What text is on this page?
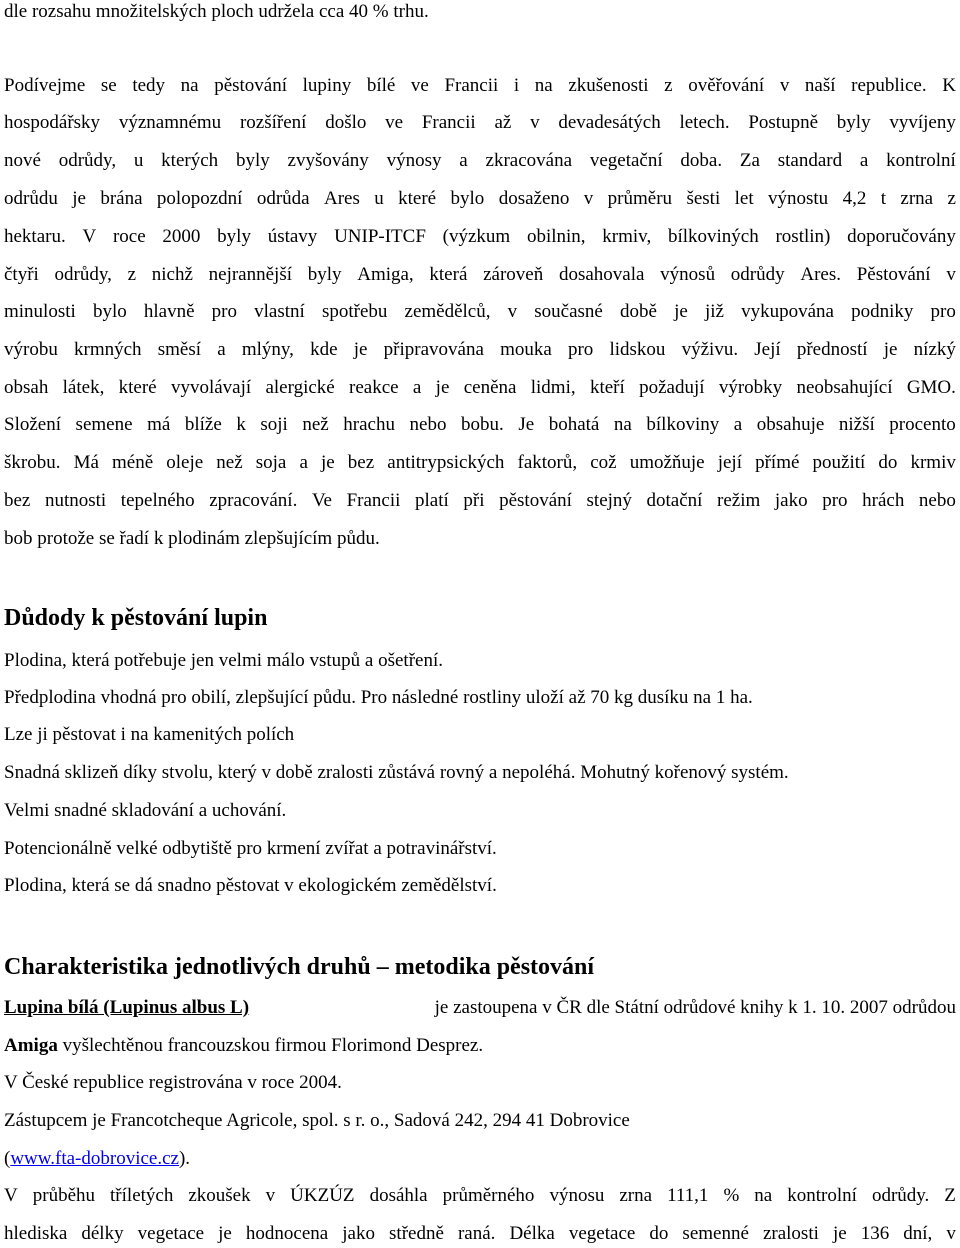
dle rozsahu množitelských ploch udržela cca 40 % trhu.
Podívejme se tedy na pěstování lupiny bílé ve Francii i na zkušenosti z ověřování v naší republice. K
hospodářsky významnému rozšíření došlo ve Francii až v devadesátých letech. Postupně byly vyvíjeny
nové odrůdy, u kterých byly zvyšovány výnosy a zkracována vegetační doba. Za standard a kontrolní
odrůdu je brána polopozdní odrůda Ares u které bylo dosaženo v průměru šesti let výnostu 4,2 t zrna z
hektaru. V roce 2000 byly ústavy UNIP-ITCF (výzkum obilnin, krmiv, bílkoviných rostlin) doporučovány
čtyři odrůdy, z nichž nejrannější byly Amiga, která zároveň dosahovala výnosů odrůdy Ares. Pěstování v
minulosti bylo hlavně pro vlastní spotřebu zemědělců, v současné době je již vykupována podniky pro
výrobu krmných směsí a mlýny, kde je připravována mouka pro lidskou výživu. Její předností je nízký
obsah látek, které vyvolávají alergické reakce a je ceněna lidmi, kteří požadují výrobky neobsahující GMO.
Složení semene má blíže k soji než hrachu nebo bobu. Je bohatá na bílkoviny a obsahuje nižší procento
škrobu. Má méně oleje než soja a je bez antitrypsických faktorů, což umožňuje její přímé použití do krmiv
bez nutnosti tepelného zpracování. Ve Francii platí při pěstování stejný dotační režim jako pro hrách nebo
bob protože se řadí k plodinám zlepšujícím půdu.
Důdody k pěstování lupin
Plodina, která potřebuje jen velmi málo vstupů a ošetření.
Předplodina vhodná pro obilí, zlepšující půdu. Pro následné rostliny uloží až 70 kg dusíku na 1 ha.
Lze ji pěstovat i na kamenitých polích
Snadná sklizeň díky stvolu, který v době zralosti zůstává rovný a nepoléhá. Mohutný kořenový systém.
Velmi snadné skladování a uchování.
Potencionálně velké odbytiště pro krmení zvířat a potravinářství.
Plodina, která se dá snadno pěstovat v ekologickém zemědělství.
Charakteristika jednotlivých druhů – metodika pěstování
Lupina bílá (Lupinus albus L)	je zastoupena v ČR dle Státní odrůdové knihy k 1. 10. 2007 odrůdou
Amiga vyšlechtěnou francouzskou firmou Florimond Desprez.
V České republice registrována v roce 2004.
Zástupcem je Francotcheque Agricole, spol. s r. o., Sadová 242, 294 41 Dobrovice
(www.fta-dobrovice.cz).
V průběhu tříletých zkoušek v ÚKZÚZ dosáhla průměrného výnosu zrna 111,1 % na kontrolní odrůdy. Z
hlediska délky vegetace je hodnocena jako středně raná. Délka vegetace do semenné zralosti je 136 dní, v
